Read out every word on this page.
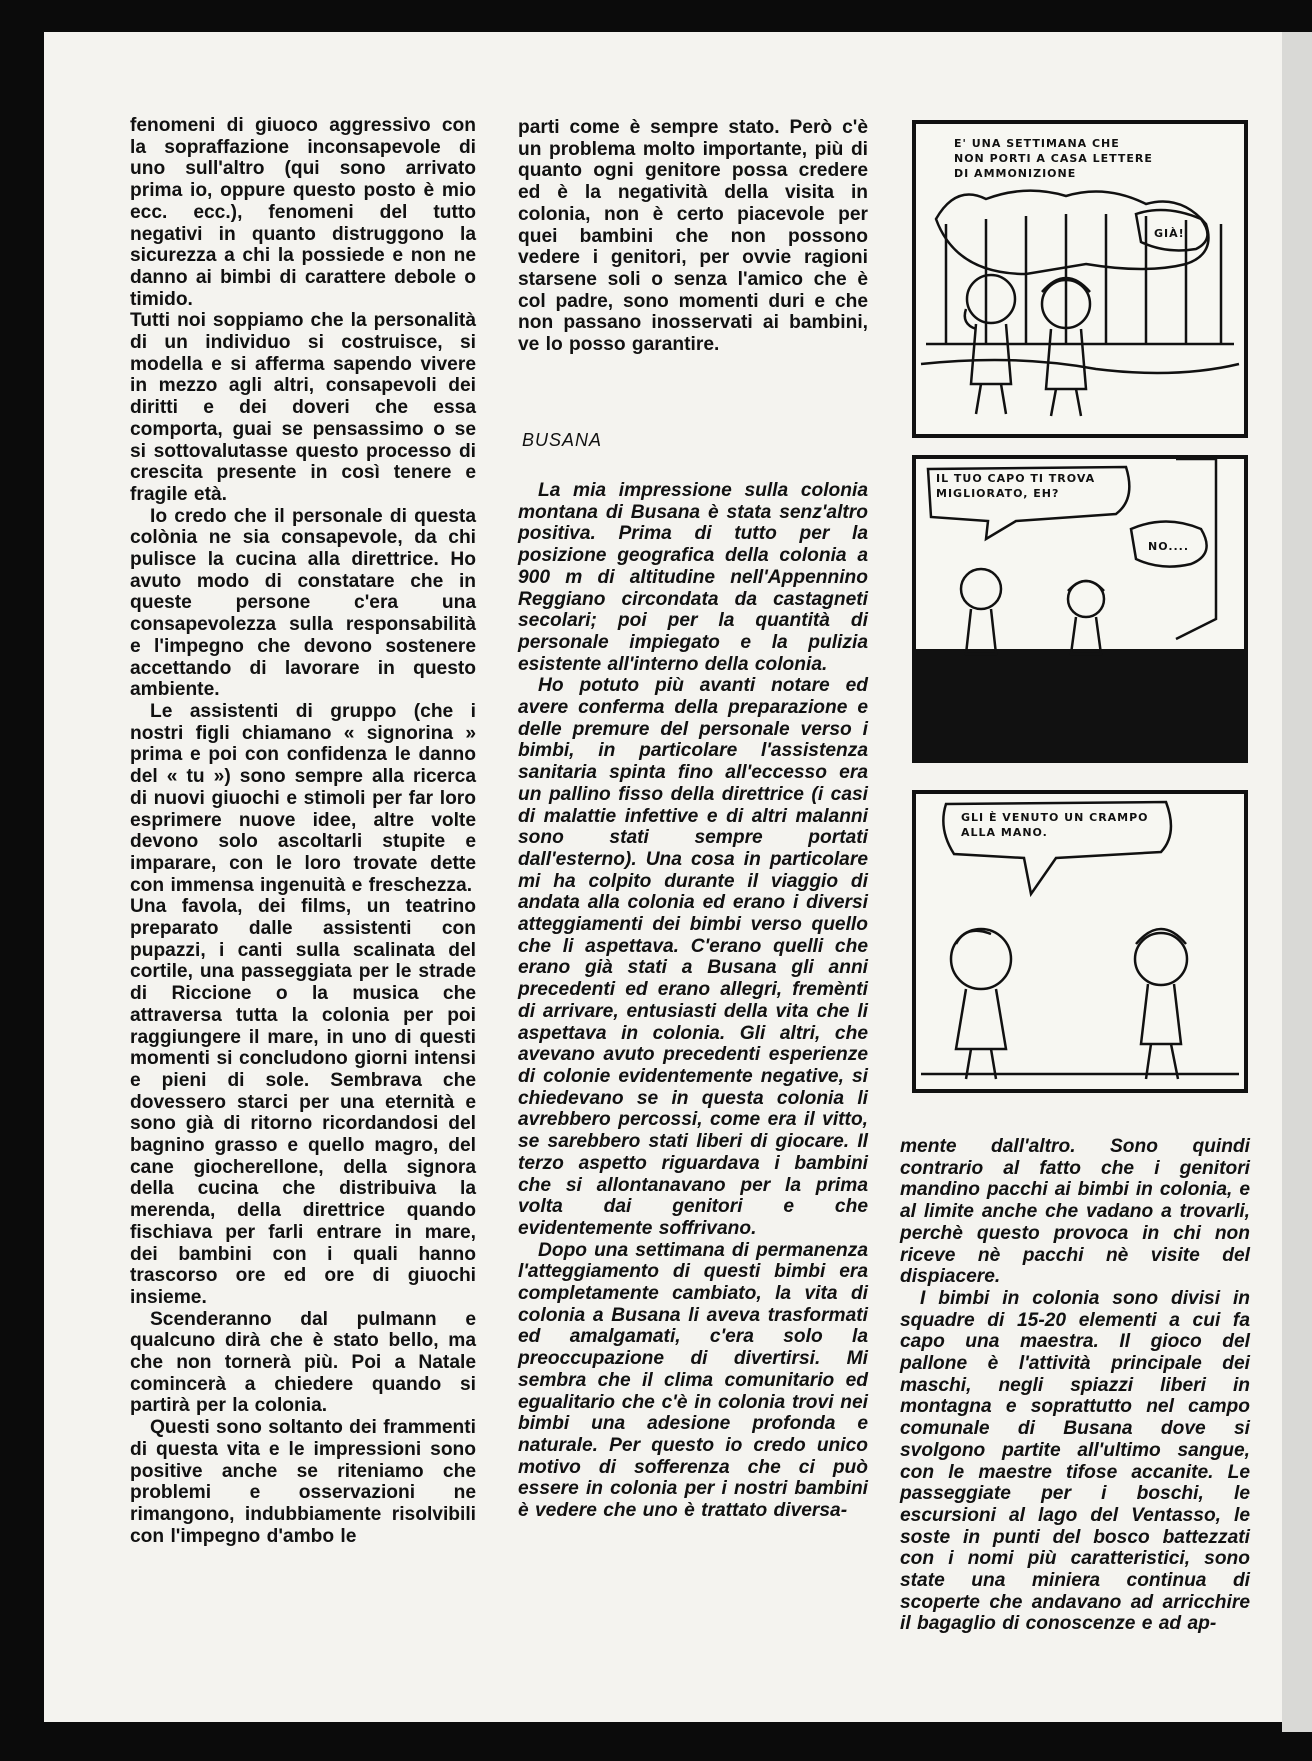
fenomeni di giuoco aggressivo con la sopraffazione inconsapevole di uno sull'altro (qui sono arrivato prima io, oppure questo posto è mio ecc. ecc.), fenomeni del tutto negativi in quanto distruggono la sicurezza a chi la possiede e non ne danno ai bimbi di carattere debole o timido.

Tutti noi soppiamo che la personalità di un individuo si costruisce, si modella e si afferma sapendo vivere in mezzo agli altri, consapevoli dei diritti e dei doveri che essa comporta, guai se pensassimo o se si sottovalutasse questo processo di crescita presente in così tenere e fragile età.

Io credo che il personale di questa colònia ne sia consapevole, da chi pulisce la cucina alla direttrice. Ho avuto modo di constatare che in queste persone c'era una consapevolezza sulla responsabilità e l'impegno che devono sostenere accettando di lavorare in questo ambiente.

Le assistenti di gruppo (che i nostri figli chiamano « signorina » prima e poi con confidenza le danno del « tu ») sono sempre alla ricerca di nuovi giuochi e stimoli per far loro esprimere nuove idee, altre volte devono solo ascoltarli stupite e imparare, con le loro trovate dette con immensa ingenuità e freschezza.

Una favola, dei films, un teatrino preparato dalle assistenti con pupazzi, i canti sulla scalinata del cortile, una passeggiata per le strade di Riccione o la musica che attraversa tutta la colonia per poi raggiungere il mare, in uno di questi momenti si concludono giorni intensi e pieni di sole. Sembrava che dovessero starci per una eternità e sono già di ritorno ricordandosi del bagnino grasso e quello magro, del cane giocherellone, della signora della cucina che distribuiva la merenda, della direttrice quando fischiava per farli entrare in mare, dei bambini con i quali hanno trascorso ore ed ore di giuochi insieme.

Scenderanno dal pulmann e qualcuno dirà che è stato bello, ma che non tornerà più. Poi a Natale comincerà a chiedere quando si partirà per la colonia.

Questi sono soltanto dei frammenti di questa vita e le impressioni sono positive anche se riteniamo che problemi e osservazioni ne rimangono, indubbiamente risolvibili con l'impegno d'ambo le

parti come è sempre stato. Però c'è un problema molto importante, più di quanto ogni genitore possa credere ed è la negatività della visita in colonia, non è certo piacevole per quei bambini che non possono vedere i genitori, per ovvie ragioni starsene soli o senza l'amico che è col padre, sono momenti duri e che non passano inosservati ai bambini, ve lo posso garantire.

BUSANA

La mia impressione sulla colonia montana di Busana è stata senz'altro positiva. Prima di tutto per la posizione geografica della colonia a 900 m di altitudine nell'Appennino Reggiano circondata da castagneti secolari; poi per la quantità di personale impiegato e la pulizia esistente all'interno della colonia.

Ho potuto più avanti notare ed avere conferma della preparazione e delle premure del personale verso i bimbi, in particolare l'assistenza sanitaria spinta fino all'eccesso era un pallino fisso della direttrice (i casi di malattie infettive e di altri malanni sono stati sempre portati dall'esterno). Una cosa in particolare mi ha colpito durante il viaggio di andata alla colonia ed erano i diversi atteggiamenti dei bimbi verso quello che li aspettava. C'erano quelli che erano già stati a Busana gli anni precedenti ed erano allegri, fremènti di arrivare, entusiasti della vita che li aspettava in colonia. Gli altri, che avevano avuto precedenti esperienze di colonie evidentemente negative, si chiedevano se in questa colonia li avrebbero percossi, come era il vitto, se sarebbero stati liberi di giocare. Il terzo aspetto riguardava i bambini che si allontanavano per la prima volta dai genitori e che evidentemente soffrivano.

Dopo una settimana di permanenza l'atteggiamento di questi bimbi era completamente cambiato, la vita di colonia a Busana li aveva trasformati ed amalgamati, c'era solo la preoccupazione di divertirsi. Mi sembra che il clima comunitario ed egualitario che c'è in colonia trovi nei bimbi una adesione profonda e naturale. Per questo io credo unico motivo di sofferenza che ci può essere in colonia per i nostri bambini è vedere che uno è trattato diversa-

mente dall'altro. Sono quindi contrario al fatto che i genitori mandino pacchi ai bimbi in colonia, e al limite anche che vadano a trovarli, perchè questo provoca in chi non riceve nè pacchi nè visite del dispiacere.

I bimbi in colonia sono divisi in squadre di 15-20 elementi a cui fa capo una maestra. Il gioco del pallone è l'attività principale dei maschi, negli spiazzi liberi in montagna e soprattutto nel campo comunale di Busana dove si svolgono partite all'ultimo sangue, con le maestre tifose accanite. Le passeggiate per i boschi, le escursioni al lago del Ventasso, le soste in punti del bosco battezzati con i nomi più caratteristici, sono state una miniera continua di scoperte che andavano ad arricchire il bagaglio di conoscenze e ad ap-

E' UNA SETTIMANA CHE NON PORTI A CASA LETTERE DI AMMONIZIONE
GIÀ!
IL TUO CAPO TI TROVA MIGLIORATO, EH?
NO....
GLI È VENUTO UN CRAMPO ALLA MANO.
